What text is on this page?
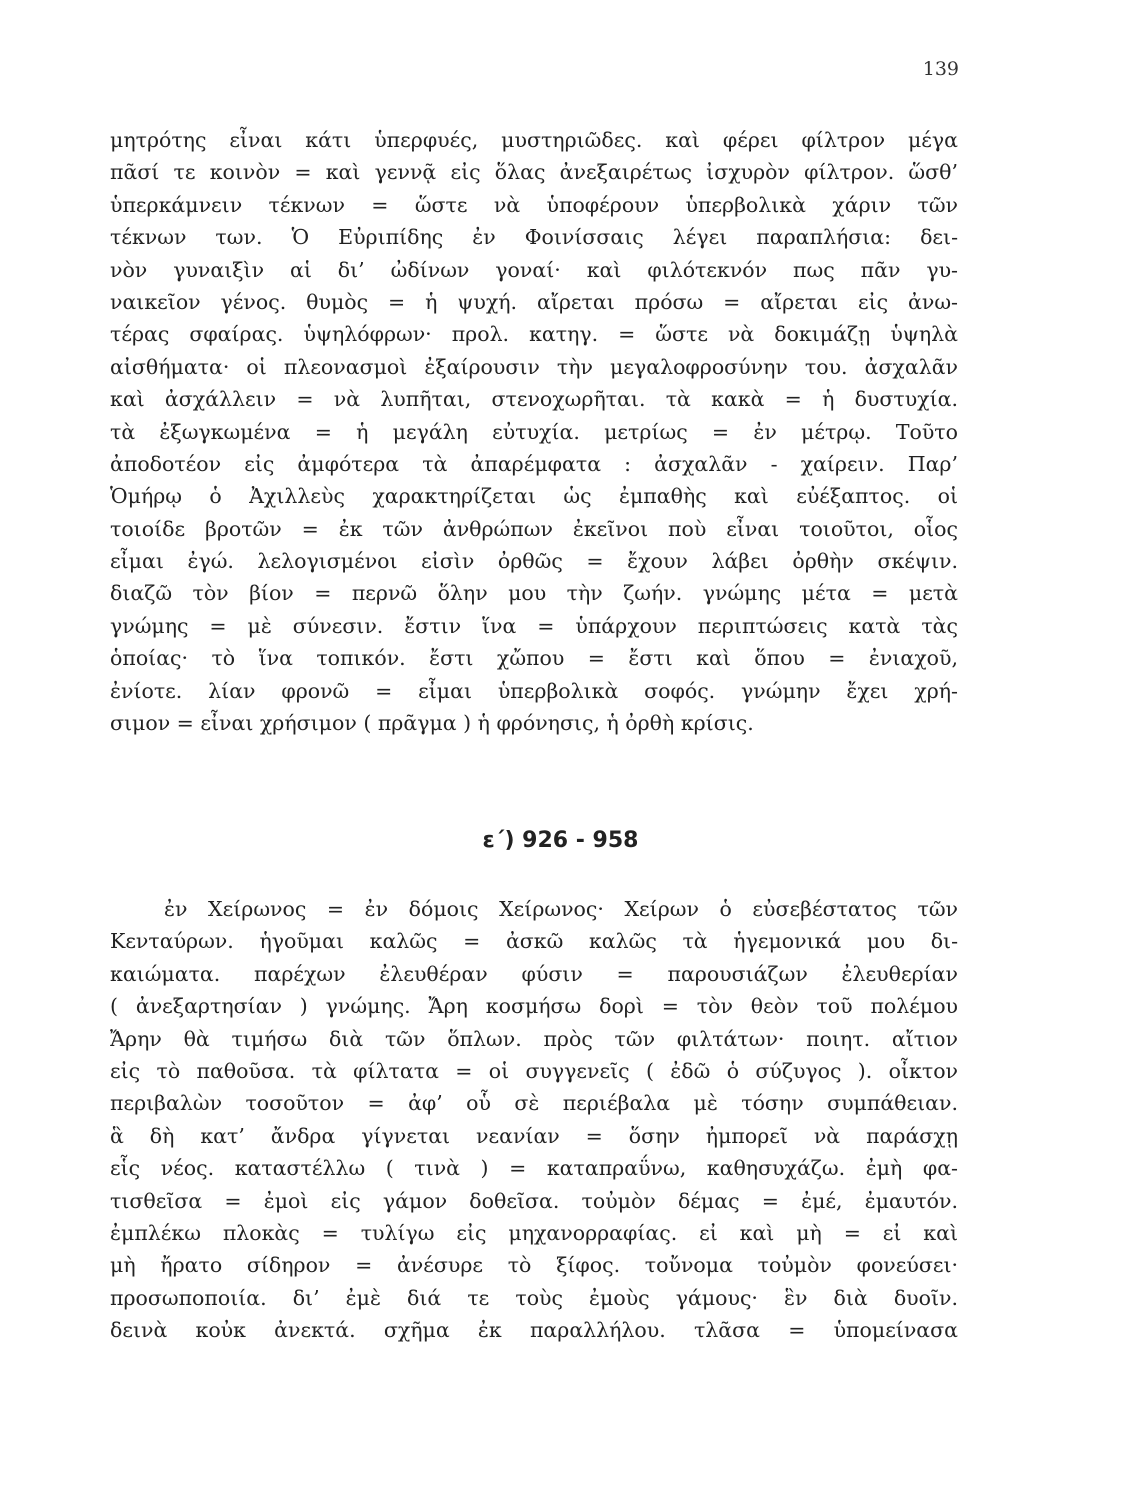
139
μητρότης εἶναι κάτι ὑπερφυές, μυστηριῶδες. καὶ φέρει φίλτρον μέγα
πᾶσί τε κοινὸν = καὶ γεννᾷ εἰς ὅλας ἀνεξαιρέτως ἰσχυρὸν φίλτρον. ὥσθ’
ὑπερκάμνειν τέκνων = ὥστε νὰ ὑποφέρουν ὑπερβολικὰ χάριν τῶν
τέκνων των. Ὁ Εὐριπίδης ἐν Φοινίσσαις λέγει παραπλήσια: δει-
νὸν γυναιξὶν αἱ δι’ ὠδίνων γοναί· καὶ φιλότεκνόν πως πᾶν γυ-
ναικεῖον γένος. θυμὸς = ἡ ψυχή. αἴρεται πρόσω = αἴρεται εἰς ἀνω-
τέρας σφαίρας. ὑψηλόφρων· προλ. κατηγ. = ὥστε νὰ δοκιμάζῃ ὑψηλὰ
αἰσθήματα· οἱ πλεονασμοὶ ἐξαίρουσιν τὴν μεγαλοφροσύνην του. ἀσχαλᾶν
καὶ ἀσχάλλειν = νὰ λυπῆται, στενοχωρῆται. τὰ κακὰ = ἡ δυστυχία.
τὰ ἐξωγκωμένα = ἡ μεγάλη εὐτυχία. μετρίως = ἐν μέτρῳ. Τοῦτο
ἀποδοτέον εἰς ἀμφότερα τὰ ἀπαρέμφατα : ἀσχαλᾶν - χαίρειν. Παρ’
Ὁμήρῳ ὁ Ἀχιλλεὺς χαρακτηρίζεται ὡς ἐμπαθὴς καὶ εὐέξαπτος. οἱ
τοιοίδε βροτῶν = ἐκ τῶν ἀνθρώπων ἐκεῖνοι ποὺ εἶναι τοιοῦτοι, οἷος
εἶμαι ἐγώ. λελογισμένοι εἰσὶν ὀρθῶς = ἔχουν λάβει ὀρθὴν σκέψιν.
διαζῶ τὸν βίον = περνῶ ὅλην μου τὴν ζωήν. γνώμης μέτα = μετὰ
γνώμης = μὲ σύνεσιν. ἔστιν ἵνα = ὑπάρχουν περιπτώσεις κατὰ τὰς
ὁποίας· τὸ ἵνα τοπικόν. ἔστι χὤπου = ἔστι καὶ ὅπου = ἐνιαχοῦ,
ἐνίοτε. λίαν φρονῶ = εἶμαι ὑπερβολικὰ σοφός. γνώμην ἔχει χρή-
σιμον = εἶναι χρήσιμον ( πρᾶγμα ) ἡ φρόνησις, ἡ ὀρθὴ κρίσις.
ε΄) 926 - 958
ἐν Χείρωνος = ἐν δόμοις Χείρωνος· Χείρων ὁ εὐσεβέστατος τῶν
Κενταύρων. ἡγοῦμαι καλῶς = ἀσκῶ καλῶς τὰ ἡγεμονικά μου δι-
καιώματα. παρέχων ἐλευθέραν φύσιν = παρουσιάζων ἐλευθερίαν
( ἀνεξαρτησίαν ) γνώμης. Ἄρη κοσμήσω δορὶ = τὸν θεὸν τοῦ πολέμου
Ἄρην θὰ τιμήσω διὰ τῶν ὅπλων. πρὸς τῶν φιλτάτων· ποιητ. αἴτιον
εἰς τὸ παθοῦσα. τὰ φίλτατα = οἱ συγγενεῖς ( ἐδῶ ὁ σύζυγος ). οἶκτον
περιβαλὼν τοσοῦτον = ἀφ’ οὗ σὲ περιέβαλα μὲ τόσην συμπάθειαν.
ἃ δὴ κατ’ ἄνδρα γίγνεται νεανίαν = ὅσην ἠμπορεῖ νὰ παράσχῃ
εἷς νέος. καταστέλλω ( τινὰ ) = καταπραΰνω, καθησυχάζω. ἐμὴ φα-
τισθεῖσα = ἐμοὶ εἰς γάμον δοθεῖσα. τοὐμὸν δέμας = ἐμέ, ἐμαυτόν.
ἐμπλέκω πλοκὰς = τυλίγω εἰς μηχανορραφίας. εἰ καὶ μὴ = εἰ καὶ
μὴ ἤρατο σίδηρον = ἀνέσυρε τὸ ξίφος. τοὔνομα τοὐμὸν φονεύσει·
προσωποποιία. δι’ ἐμὲ διά τε τοὺς ἐμοὺς γάμους· ἓν διὰ δυοῖν.
δεινὰ κοὐκ ἀνεκτά. σχῆμα ἐκ παραλλήλου. τλᾶσα = ὑπομείνασα
